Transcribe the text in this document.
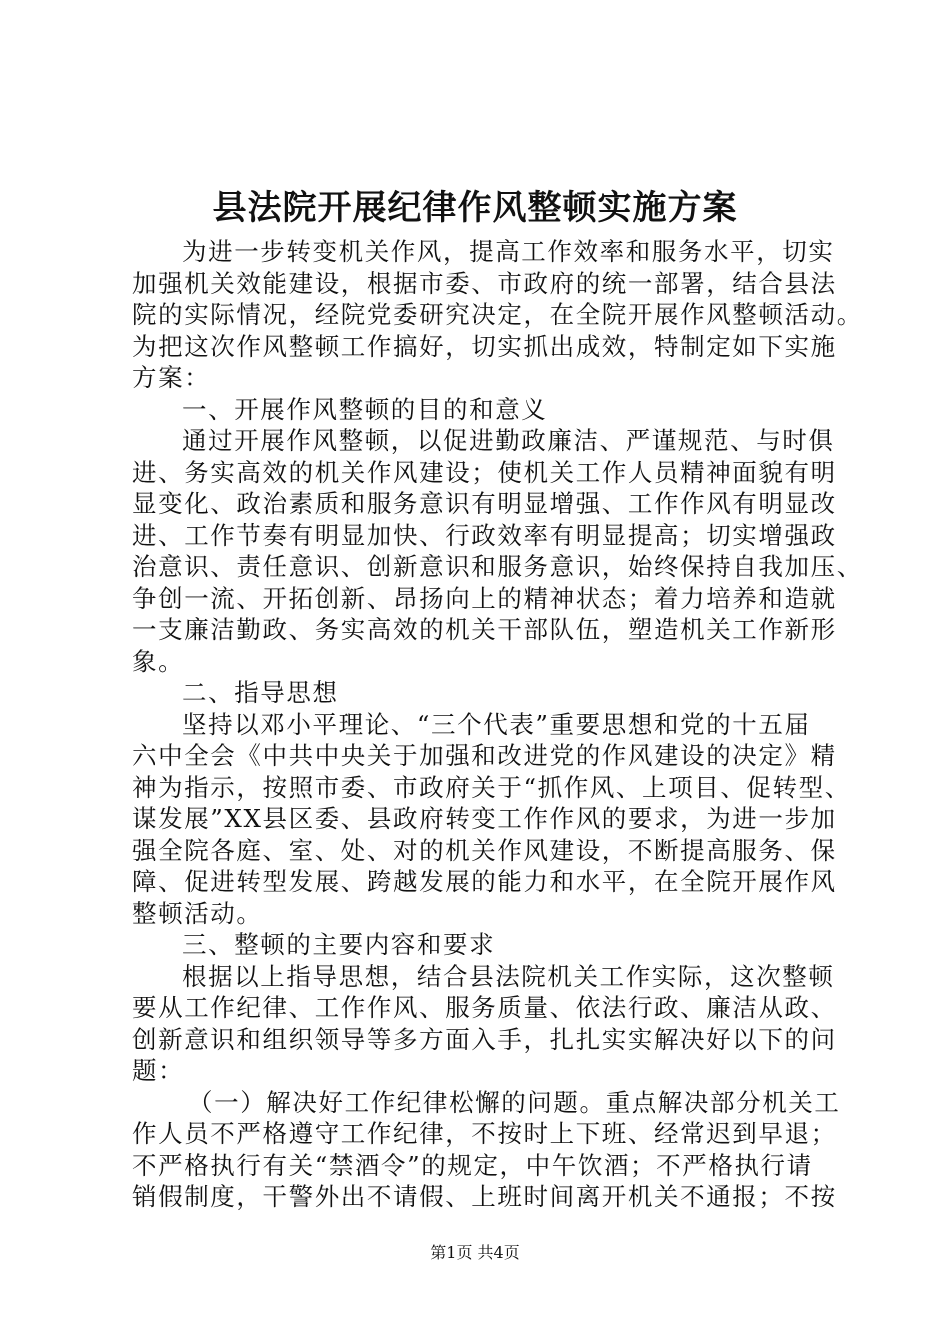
县法院开展纪律作风整顿实施方案
为进一步转变机关作风，提高工作效率和服务水平，切实
加强机关效能建设，根据市委、市政府的统一部署，结合县法
院的实际情况，经院党委研究决定，在全院开展作风整顿活动。
为把这次作风整顿工作搞好，切实抓出成效，特制定如下实施
方案：
一、开展作风整顿的目的和意义
通过开展作风整顿，以促进勤政廉洁、严谨规范、与时俱
进、务实高效的机关作风建设；使机关工作人员精神面貌有明
显变化、政治素质和服务意识有明显增强、工作作风有明显改
进、工作节奏有明显加快、行政效率有明显提高；切实增强政
治意识、责任意识、创新意识和服务意识，始终保持自我加压、
争创一流、开拓创新、昂扬向上的精神状态；着力培养和造就
一支廉洁勤政、务实高效的机关干部队伍，塑造机关工作新形
象。
二、指导思想
坚持以邓小平理论、“三个代表”重要思想和党的十五届
六中全会《中共中央关于加强和改进党的作风建设的决定》精
神为指示，按照市委、市政府关于“抓作风、上项目、促转型、
谋发展”XX县区委、县政府转变工作作风的要求，为进一步加
强全院各庭、室、处、对的机关作风建设，不断提高服务、保
障、促进转型发展、跨越发展的能力和水平，在全院开展作风
整顿活动。
三、整顿的主要内容和要求
根据以上指导思想，结合县法院机关工作实际，这次整顿
要从工作纪律、工作作风、服务质量、依法行政、廉洁从政、
创新意识和组织领导等多方面入手，扎扎实实解决好以下的问
题：
（一）解决好工作纪律松懈的问题。重点解决部分机关工
作人员不严格遵守工作纪律，不按时上下班、经常迟到早退；
不严格执行有关“禁酒令”的规定，中午饮酒；不严格执行请
销假制度，干警外出不请假、上班时间离开机关不通报；不按
第1页 共4页
